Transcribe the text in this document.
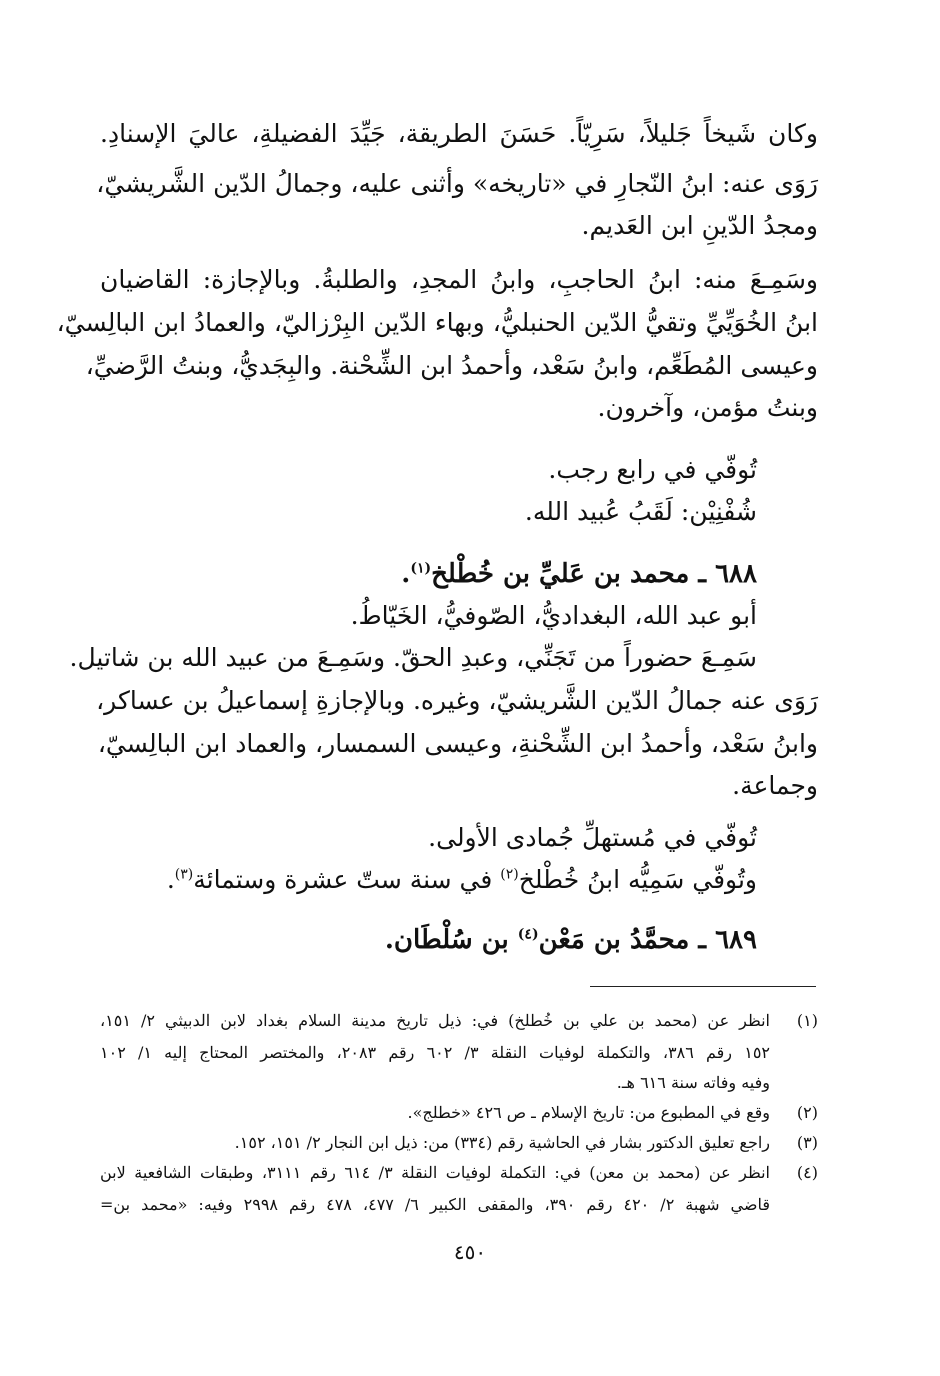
وكان شَيخاً جَليلاً، سَرِيّاً. حَسَنَ الطريقة، جَيِّدَ الفضيلةِ، عاليَ الإسنادِ.
رَوَى عنه: ابنُ النّجارِ في «تاريخه» وأثنى عليه، وجمالُ الدّين الشَّريشيّ،
ومجدُ الدّينِ ابن العَديم.
وسَمِـعَ منه: ابنُ الحاجبِ، وابنُ المجدِ، والطلبةُ. وبالإجازة: القاضيان
ابنُ الخُوَيِّيِّ وتقيُّ الدّين الحنبليُّ، وبهاء الدّين البِرْزاليّ، والعمادُ ابن البالِسيّ،
وعيسى المُطَعِّم، وابنُ سَعْد، وأحمدُ ابن الشِّحْنة. والبِجَديُّ، وبنتُ الرَّضيِّ،
وبنتُ مؤمن، وآخرون.
تُوفّي في رابع رجب.
شُفْنِيْن: لَقَبُ عُبيد الله.
٦٨٨ ـ محمد بن عَليِّ بن خُطْلخ$^{(١)}$.
أبو عبد الله، البغداديُّ، الصّوفيُّ، الخَيّاطُ.
سَمِـعَ حضوراً من تَجَنِّي، وعبدِ الحقّ. وسَمِـعَ من عبيد الله بن شاتيل.
رَوَى عنه جمالُ الدّين الشَّريشيّ، وغيره. وبالإجازةِ إسماعيلُ بن عساكر،
وابنُ سَعْد، وأحمدُ ابن الشِّحْنةِ، وعيسى السمسار، والعماد ابن البالِسيّ،
وجماعة.
تُوفّي في مُستهلِّ جُمادى الأولى.
وتُوفّي سَمِيُّه ابنُ خُطْلخ$^{(٢)}$ في سنة ستّ عشرة وستمائة$^{(٣)}$.
٦٨٩ ـ محمَّدُ بن مَعْن$^{(٤)}$ بن سُلْطَان.
(١)
انظر عن (محمد بن علي بن خُطلخ) في: ذيل تاريخ مدينة السلام بغداد لابن الدبيثي ٢/ ١٥١،
١٥٢ رقم ٣٨٦، والتكملة لوفيات النقلة ٣/ ٦٠٢ رقم ٢٠٨٣، والمختصر المحتاج إليه ١/ ١٠٢
وفيه وفاته سنة ٦١٦ هـ.
(٢)
وقع في المطبوع من: تاريخ الإسلام ـ ص ٤٢٦ «خطلج».
(٣)
راجع تعليق الدكتور بشار في الحاشية رقم (٣٣٤) من: ذيل ابن النجار ٢/ ١٥١، ١٥٢.
(٤)
انظر عن (محمد بن معن) في: التكملة لوفيات النقلة ٣/ ٦١٤ رقم ٣١١١، وطبقات الشافعية لابن
قاضي شهبة ٢/ ٤٢٠ رقم ٣٩٠، والمقفى الكبير ٦/ ٤٧٧، ٤٧٨ رقم ٢٩٩٨ وفيه: «محمد بن=
٤٥٠
